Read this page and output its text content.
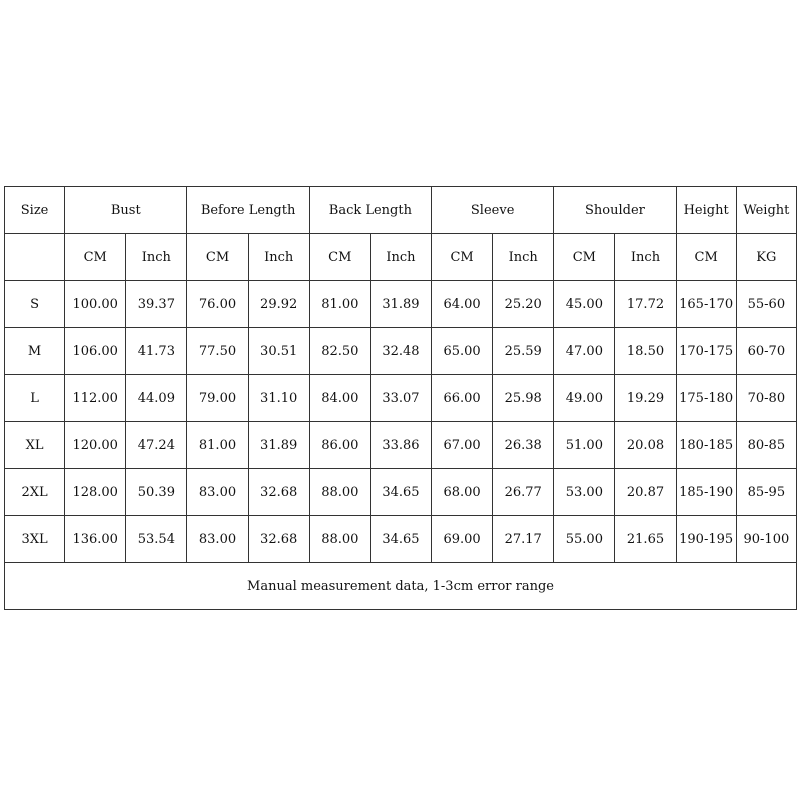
Size	Bust		Before Length		Back Length		Sleeve		Shoulder		Height	Weight
	CM	Inch	CM	Inch	CM	Inch	CM	Inch	CM	Inch	CM	KG
S	100.00	39.37	76.00	29.92	81.00	31.89	64.00	25.20	45.00	17.72	165-170	55-60
M	106.00	41.73	77.50	30.51	82.50	32.48	65.00	25.59	47.00	18.50	170-175	60-70
L	112.00	44.09	79.00	31.10	84.00	33.07	66.00	25.98	49.00	19.29	175-180	70-80
XL	120.00	47.24	81.00	31.89	86.00	33.86	67.00	26.38	51.00	20.08	180-185	80-85
2XL	128.00	50.39	83.00	32.68	88.00	34.65	68.00	26.77	53.00	20.87	185-190	85-95
3XL	136.00	53.54	83.00	32.68	88.00	34.65	69.00	27.17	55.00	21.65	190-195	90-100
Manual measurement data, 1-3cm error range												
